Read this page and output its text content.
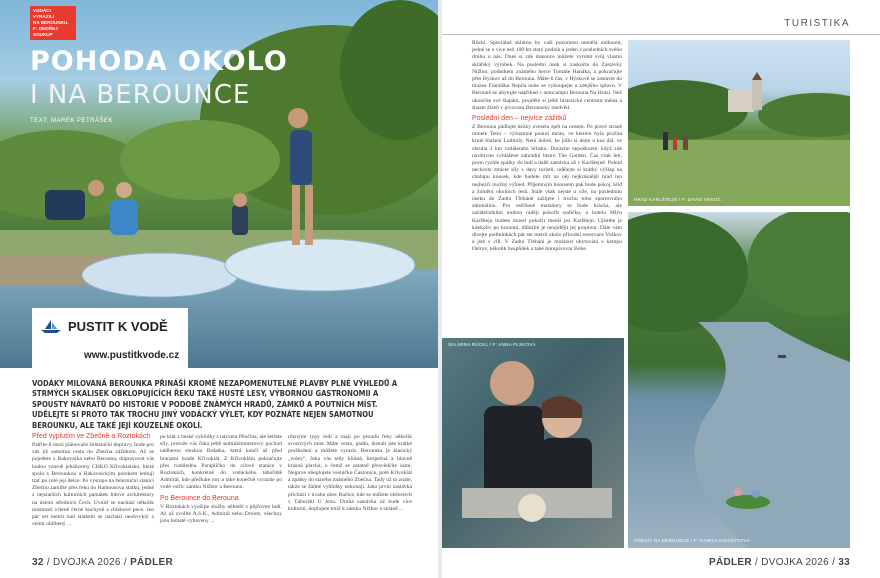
VODÁCI VYRAZILI
NA BEROUNKU.
F: ONDŘEJ SOUKUP
POHODA OKOLO
I NA BEROUNCE
TEXT: MAREK PETRÁŠEK
PUSTIT K VODĚ
www.pustitkvode.cz
VODÁKY MILOVANÁ BEROUNKA PŘINÁŠÍ KROMĚ NEZAPOMENUTELNÉ PLAVBY PLNÉ VÝHLEDŮ A STRMÝCH SKALISEK OBKLOPUJÍCÍCH ŘEKU TAKÉ HUSTÉ LESY, VÝBORNOU GASTRONOMII A SPOUSTY NÁVRATŮ DO HISTORIE V PODOBĚ ZNÁMÝCH HRADŮ, ZÁMKŮ A POUTNÍCH MÍST. UDĚLEJTE SI PROTO TAK TROCHU JINÝ VODÁCKÝ VÝLET, KDY POZNÁTE NEJEN SAMOTNOU BEROUNKU, ALE TAKÉ JEJÍ KOUZELNÉ OKOLÍ.
Před vyplutím ve Zbečně a Roztokách

Patříte-li mezi plánovače železniční dopravy, bude pro vás již samotná cesta do Zbečna zážitkem. Až se pojedete z Rakovníka nebo Berouna, dopravovat vás budou vzorně jeháňcemy CHKO Křivoklátsko, které spolu s Berounkou a Rakovnickým potokem lemují trať po celé její délce. Po výstupu na železniční stanici Zbečno zamiřte přes řeku do Hamousova statku, jedné z nejstarších kulturních památek lidové architektury na území středních Čech. Uvnitř se nachází několik místností včetně černé kuchyně a chlebové pece. Jen pár set metrů nad statkem se nachází neobvyklý a velmi oblíbený ...

po krát z beské vyhlídky s názvem Pěnčina, ale šetřete síly, protože vás čeká ještě sedmikilometrový pochod nádherou stezkou Brdatka, která končí až před branami hradu Křivoklát. Z Křivoklátu pokračujte přes rozhlednu Paraplíčko do cílové stanice v Roztokách, konkrétně do vodáckého tábořiště Admirál, kde přečkáte noc a také konečně vyrazíte po vodě vstříc zámku Nižbor a Berounu.

Po Berounce do Berouna

V Roztokách využijte služby někteřé z půjčoven lodí. Až už zvolíte A.S.K., Admirál nebo Dronte, všechny jsou bohatě vybaveny ...

různými typy lodí a mají po proudu řeky několik svozových míst. Máte vestu, pádlo, dostali jste krátké proškolení a můžete vyrazit. Berounka je klasický „voley“, řeka vás tedy klidná, bezpečná a hlavně krásná plavba, o čemž se ostatně přesvědčíte sami. Nejprve obeplujete vesničku Častonice, poté Křivoklát a zpátky do starého známého Zbečna. Tady už to znáte, takže se žádné vyhlídky nekonají. Jako první zastávka přichází v úvahu obec Račice, kde se můžete občerstvit v Táborišti U Jezu. Druhá zastávka už bude více kulturní, doplujete totiž k zámku Nižbor a skláně ...

32 / DVOJKA 2026 / PÁDLER
TURISTIKA

Rückl. Speciálně sklárnu by vaši pozornost neměla uniknout, jedné se o více než 100 let starý podnik a jeden z posledních svého druhu u nás. Dnes si zde dokonce můžete vyrobit svůj vlastní sklářský výrobek. Na poslední úsek si zaskočte do Zastávky Nižbor, podnikem známého herce Tomáše Hanáka, a pokračujte přes Hýskov až do Berouna. Máte-li čas, v Hýskově se zastavte do muzea Františka Nepila nebo se vykoupejte u zdejšího splavu. V Berouně se ubytujte napříkad v autocampu Berouna Na Hrázi. Než ukončíte své šlapání, projděte si ještě historické centrum města a shaste žízeň v pivovaru Berounský medvěd.

Poslední den – nejvíce zážitků

Z Berouna pádlujte hezky zvesela zpět na nosem. Po pravé straně minete Tetín – významné poutní místo, ve kterém byla prožita kruté blažení Ludmily. Není dobré, ke jídlu si dejte o kus dál, ve zhruba 3 km vzdáleném Srbsku. Dorazíte nepoškozte, když zde navštívite vyhlášené zahradní bistro The Garden. Čas však letí, proto rychle zpátky do lodí a další zastávka už v Karlštejně. Pokud nechcete ztrácet síly s davy turistů, udělejte si krátký výšlap na chalupu kousek, kde budete mít na něj nejkrásnější hrad ten nejhezčí možný výhled. Příjemným bonusem pak bude pokoj, klid a žumění okolních lesů. Stále však nejste u cíle, na posledním úseku do Zadní Třebáně zažijete i trochu toho sportovního adrenalinu. Pro ostřílené matadory to bude brácka, ale začátečníkům mohou raději pokořit sudičku, u hotelu Mlýn Karlštejn budete muset pokořit menší jez Karlštejn. Ujistěte je kdekoliv po korunní, důležité je neujídějit jej proplout. Dále vám dívejte podmínkách pár set metrů okolo přírodní rezervace Voškov a jste v cíli. V Zadní Třebáni je možnost ubytování v kempu Ostrov, několik hospůdek a také minipivovar Bohe.

HRAD KARLŠTEJN / F: DAVID VRKOČ
SKLÁRNA RÜCKL / F: ANNA PLSKOVÁ
VODÁCI NA BEROUNCE / F: KAMILA KOHOUTOVÁ
PÁDLER / DVOJKA 2026 / 33
